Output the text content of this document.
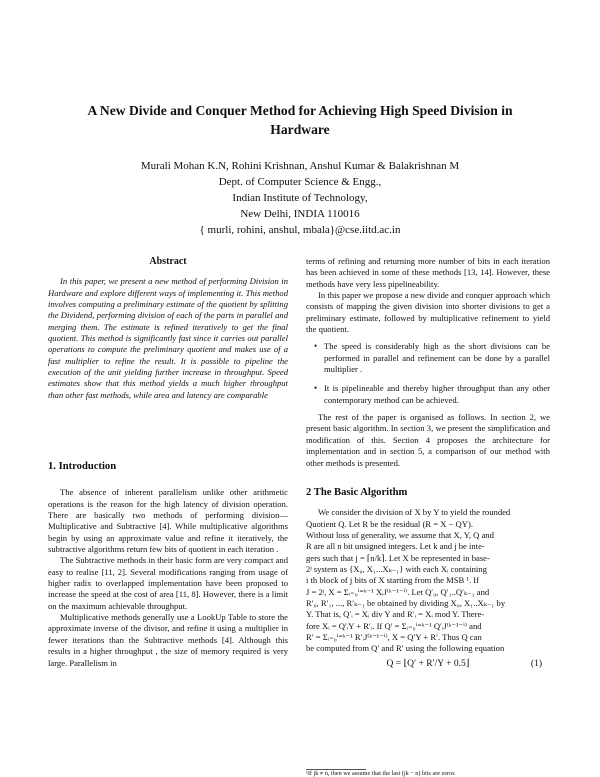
A New Divide and Conquer Method for Achieving High Speed Division in
Hardware
Murali Mohan K.N, Rohini Krishnan, Anshul Kumar & Balakrishnan M
Dept. of Computer Science & Engg.,
Indian Institute of Technology,
New Delhi, INDIA 110016
{ murli, rohini, anshul, mbala}@cse.iitd.ac.in
Abstract

In this paper, we present a new method of performing Division in Hardware and explore different ways of implementing it. This method involves computing a preliminary estimate of the quotient by splitting the Dividend, performing division of each of the parts in parallel and merging them. The estimate is refined iteratively to get the final quotient. This method is significantly fast since it carries out parallel operations to compute the preliminary quotient and makes use of a fast multiplier to refine the result. It is possible to pipeline the execution of the unit yielding further increase in throughput. Speed estimates show that this method yields a much higher throughput than other fast methods, while area and latency are comparable

1. Introduction

The absence of inherent parallelism unlike other arithmetic operations is the reason for the high latency of division operation. There are basically two methods of performing division—Multiplicative and Subtractive [4]. While multiplicative algorithms begin by using an approximate value and refine it iteratively, the subtractive algorithms return few bits of quotient in each iteration .

The Subtractive methods in their basic form are very compact and easy to realise [11, 2]. Several modifications ranging from usage of higher radix to overlapped implementation have been proposed to increase the speed at the cost of area [11, 8]. However, there is a limit on the maximum achievable throughput.

Multiplicative methods generally use a LookUp Table to store the approximate inverse of the divisor, and refine it using a multiplier in fewer iterations than the Subtractive methods [4]. Although this results in a higher throughput , the size of memory required is very large. Parallelism in

terms of refining and returning more number of bits in each iteration has been achieved in some of these methods [13, 14]. However, these methods have very less pipelineability.

In this paper we propose a new divide and conquer approach which consists of mapping the given division into shorter divisions to get a preliminary estimate, followed by multiplicative refinement to yield the quotient.

• The speed is considerably high as the short divisions can be performed in parallel and refinement can be done by a parallel multiplier .

• It is pipelineable and thereby higher throughput than any other contemporary method can be achieved.

The rest of the paper is organised as follows. In section 2, we present basic algorithm. In section 3, we present the simplification and modification of this. Section 4 proposes the architecture for implementation and in section 5, a comparison of our method with other methods is presented.

2 The Basic Algorithm
We consider the division of X by Y to yield the rounded
Quotient Q. Let R be the residual (R = X − QY).
Without loss of generality, we assume that X, Y, Q and
R are all n bit unsigned integers. Let k and j be inte-
gers such that j = ⌈n/k⌉. Let X be represented in base-
2ʲ system as {X₀, X₁...Xₖ₋₁} with each Xᵢ containing
i th block of j bits of X starting from the MSB ¹. If
J = 2ʲ, X = Σᵢ₌₀ⁱ⁼ᵏ⁻¹ XᵢJ⁽ᵏ⁻¹⁻ⁱ⁾. Let Q′₀, Q′₁..Q′ₖ₋₁ and
R′₀, R′₁, ..., R′ₖ₋₁ be obtained by dividing X₀, X₁..Xₖ₋₁ by
Y. That is, Q′ᵢ = Xᵢ div Y and R′ᵢ = Xᵢ mod Y. There-
fore Xᵢ = Q′ᵢY + R′ᵢ. If Q′ = Σᵢ₌₀ⁱ⁼ᵏ⁻¹ Q′ᵢJ⁽ᵏ⁻¹⁻ⁱ⁾ and
R′ = Σᵢ₌₀ⁱ⁼ᵏ⁻¹ R′ᵢJ⁽ᵏ⁻¹⁻ⁱ⁾, X = Q′Y + R′. Thus Q can
be computed from Q′ and R′ using the following equation
Q = ⌊Q′ + R′/Y + 0.5⌋	(1)
¹If jk ≠ n, then we assume that the last (jk − n) bits are zeros
